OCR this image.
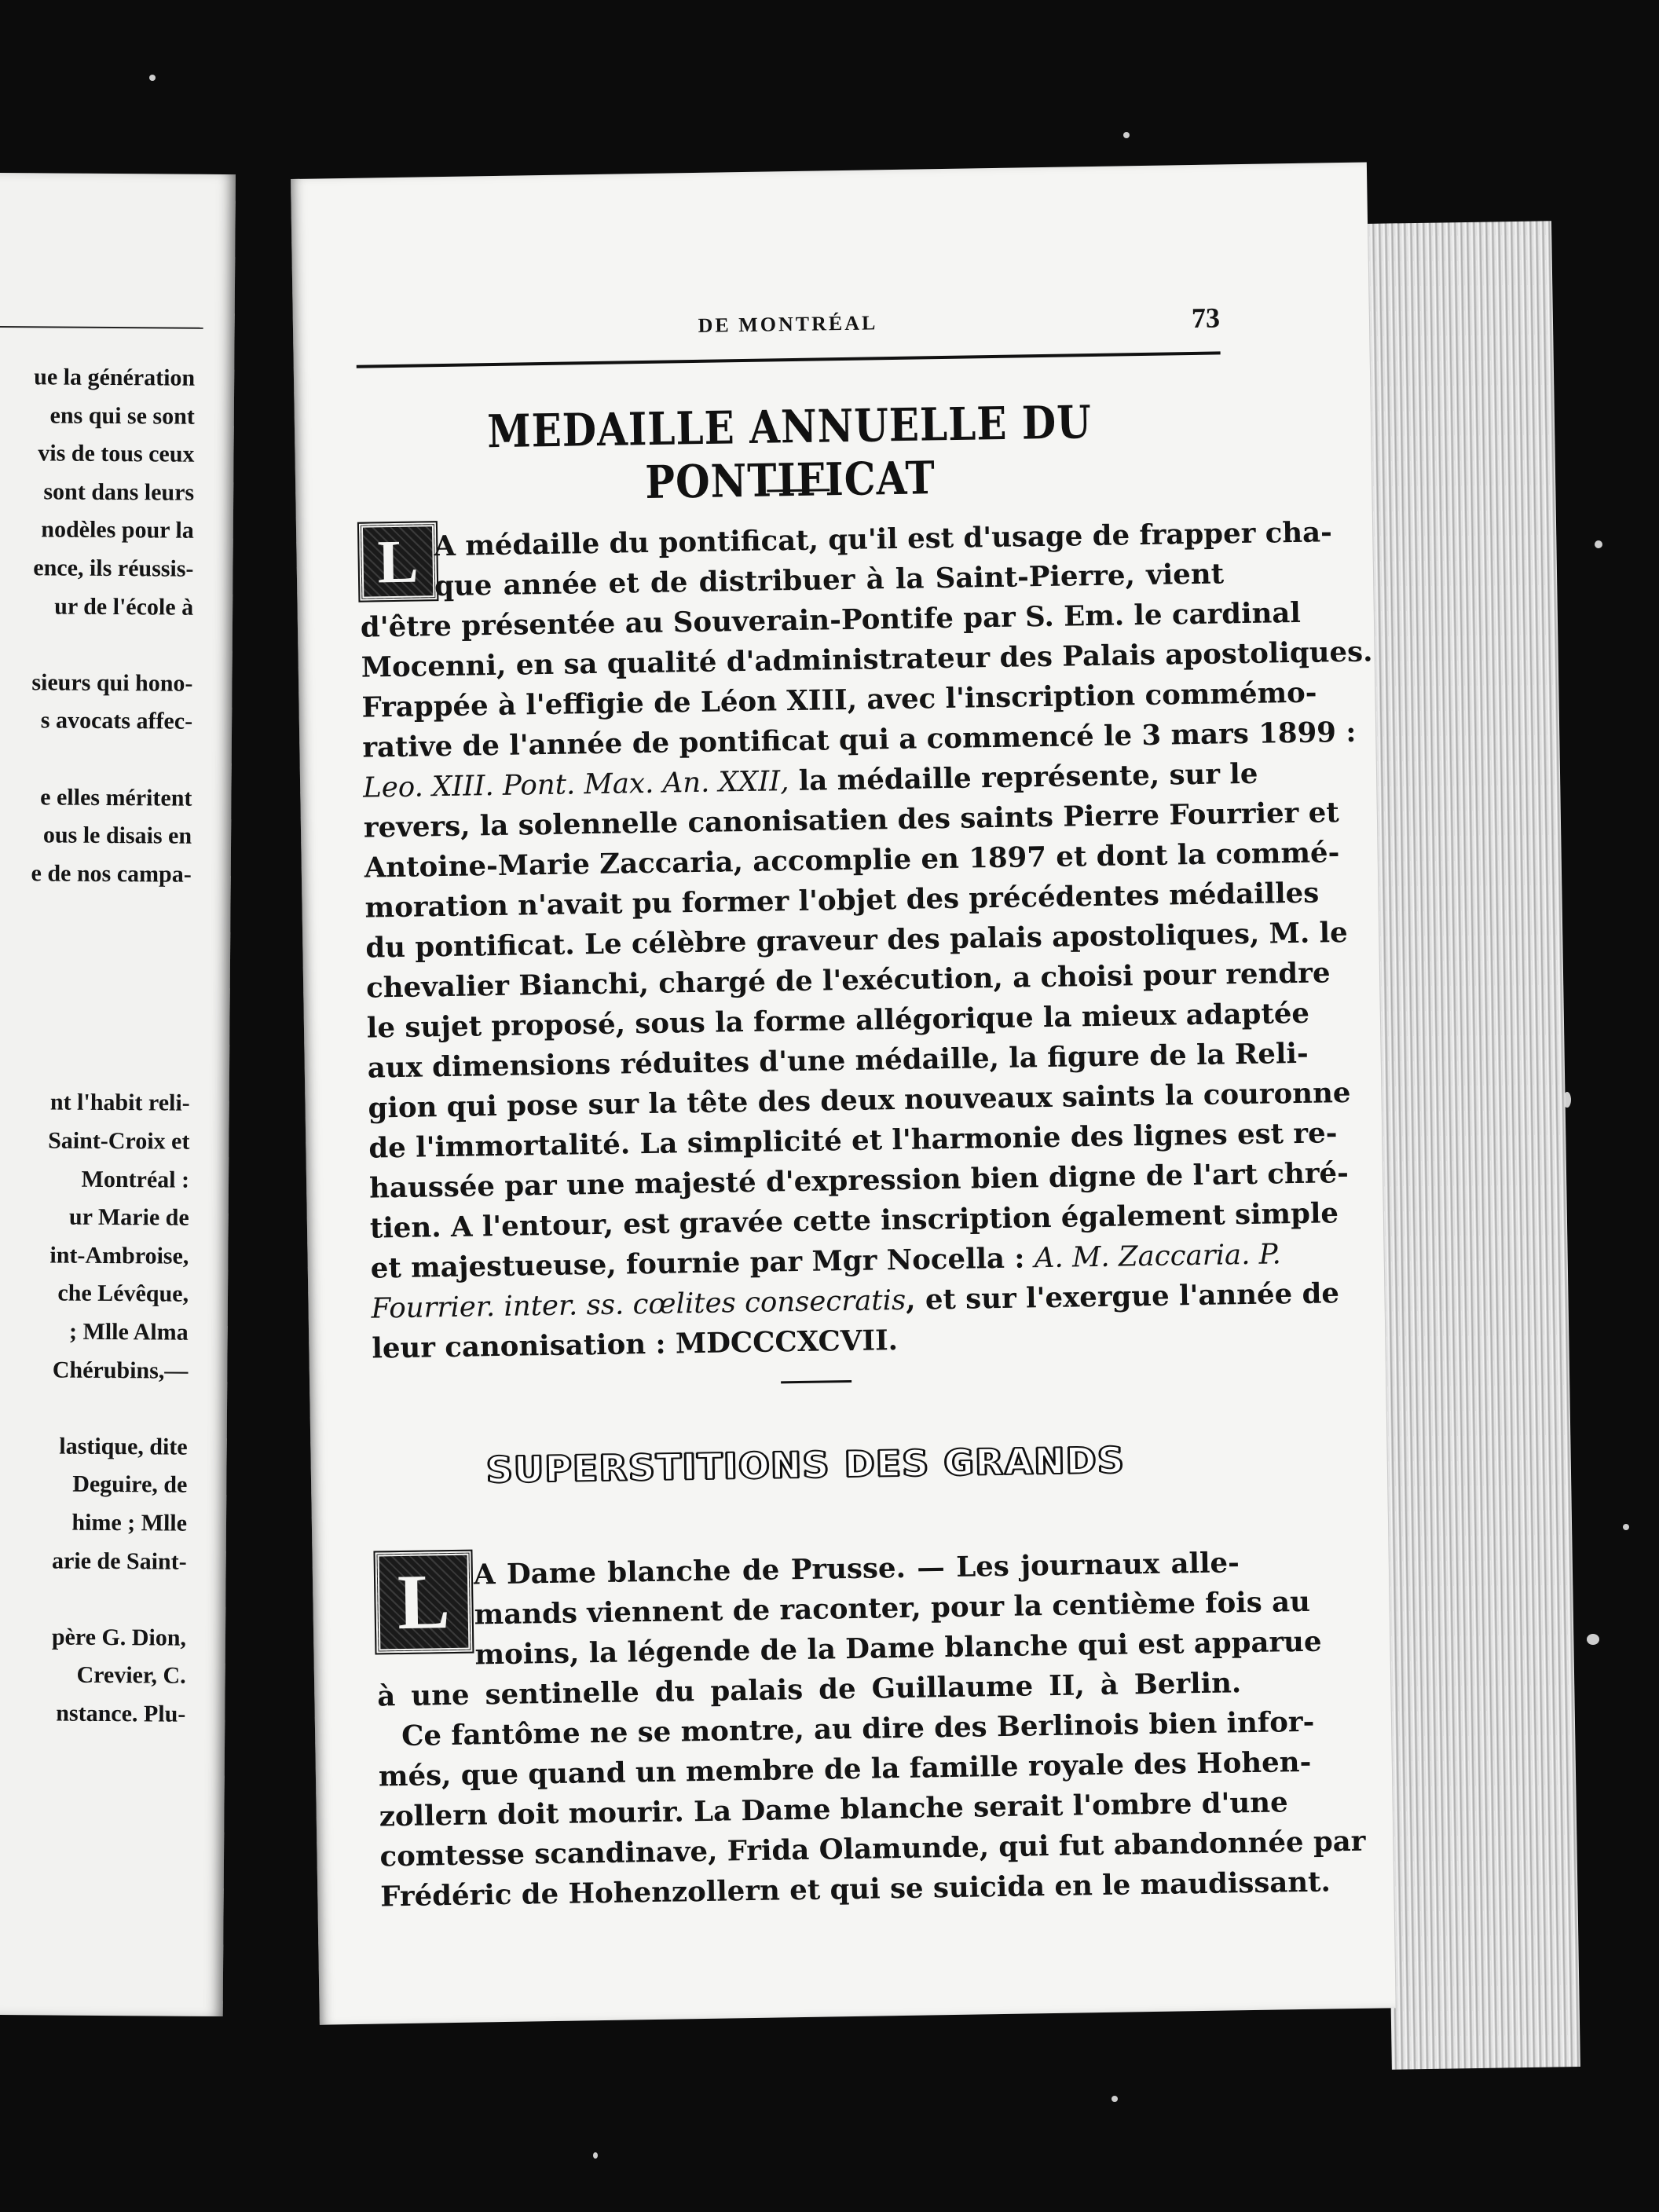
ue la génération
ens qui se sont
vis de tous ceux
sont dans leurs
nodèles pour la
ence, ils réussis-
ur de l'école à
sieurs qui hono-
s avocats affec-
e elles méritent
ous le disais en
e de nos campa-
nt l'habit reli-
Saint-Croix et
Montréal :
ur Marie de
int-Ambroise,
che Lévêque,
; Mlle Alma
Chérubins,—
lastique, dite
Deguire, de
hime ; Mlle
arie de Saint-
père G. Dion,
Crevier, C.
nstance. Plu-
DE MONTRÉAL	73
MEDAILLE ANNUELLE DU PONTIFICAT
L A médaille du pontificat, qu'il est d'usage de frapper cha-
que année et de distribuer à la Saint-Pierre, vient
d'être présentée au Souverain-Pontife par S. Em. le cardinal
Mocenni, en sa qualité d'administrateur des Palais apostoliques.
Frappée à l'effigie de Léon XIII, avec l'inscription commémo-
rative de l'année de pontificat qui a commencé le 3 mars 1899 :
Leo. XIII. Pont. Max. An. XXII, la médaille représente, sur le
revers, la solennelle canonisatien des saints Pierre Fourrier et
Antoine-Marie Zaccaria, accomplie en 1897 et dont la commé-
moration n'avait pu former l'objet des précédentes médailles
du pontificat. Le célèbre graveur des palais apostoliques, M. le
chevalier Bianchi, chargé de l'exécution, a choisi pour rendre
le sujet proposé, sous la forme allégorique la mieux adaptée
aux dimensions réduites d'une médaille, la figure de la Reli-
gion qui pose sur la tête des deux nouveaux saints la couronne
de l'immortalité. La simplicité et l'harmonie des lignes est re-
haussée par une majesté d'expression bien digne de l'art chré-
tien. A l'entour, est gravée cette inscription également simple
et majestueuse, fournie par Mgr Nocella : A. M. Zaccaria. P.
Fourrier. inter. ss. cœlites consecratis, et sur l'exergue l'année de
leur canonisation : MDCCCXCVII.
SUPERSTITIONS DES GRANDS
L A Dame blanche de Prusse. — Les journaux alle-
mands viennent de raconter, pour la centième fois au
moins, la légende de la Dame blanche qui est apparue
à une sentinelle du palais de Guillaume II, à Berlin.
Ce fantôme ne se montre, au dire des Berlinois bien infor-
més, que quand un membre de la famille royale des Hohen-
zollern doit mourir. La Dame blanche serait l'ombre d'une
comtesse scandinave, Frida Olamunde, qui fut abandonnée par
Frédéric de Hohenzollern et qui se suicida en le maudissant.
